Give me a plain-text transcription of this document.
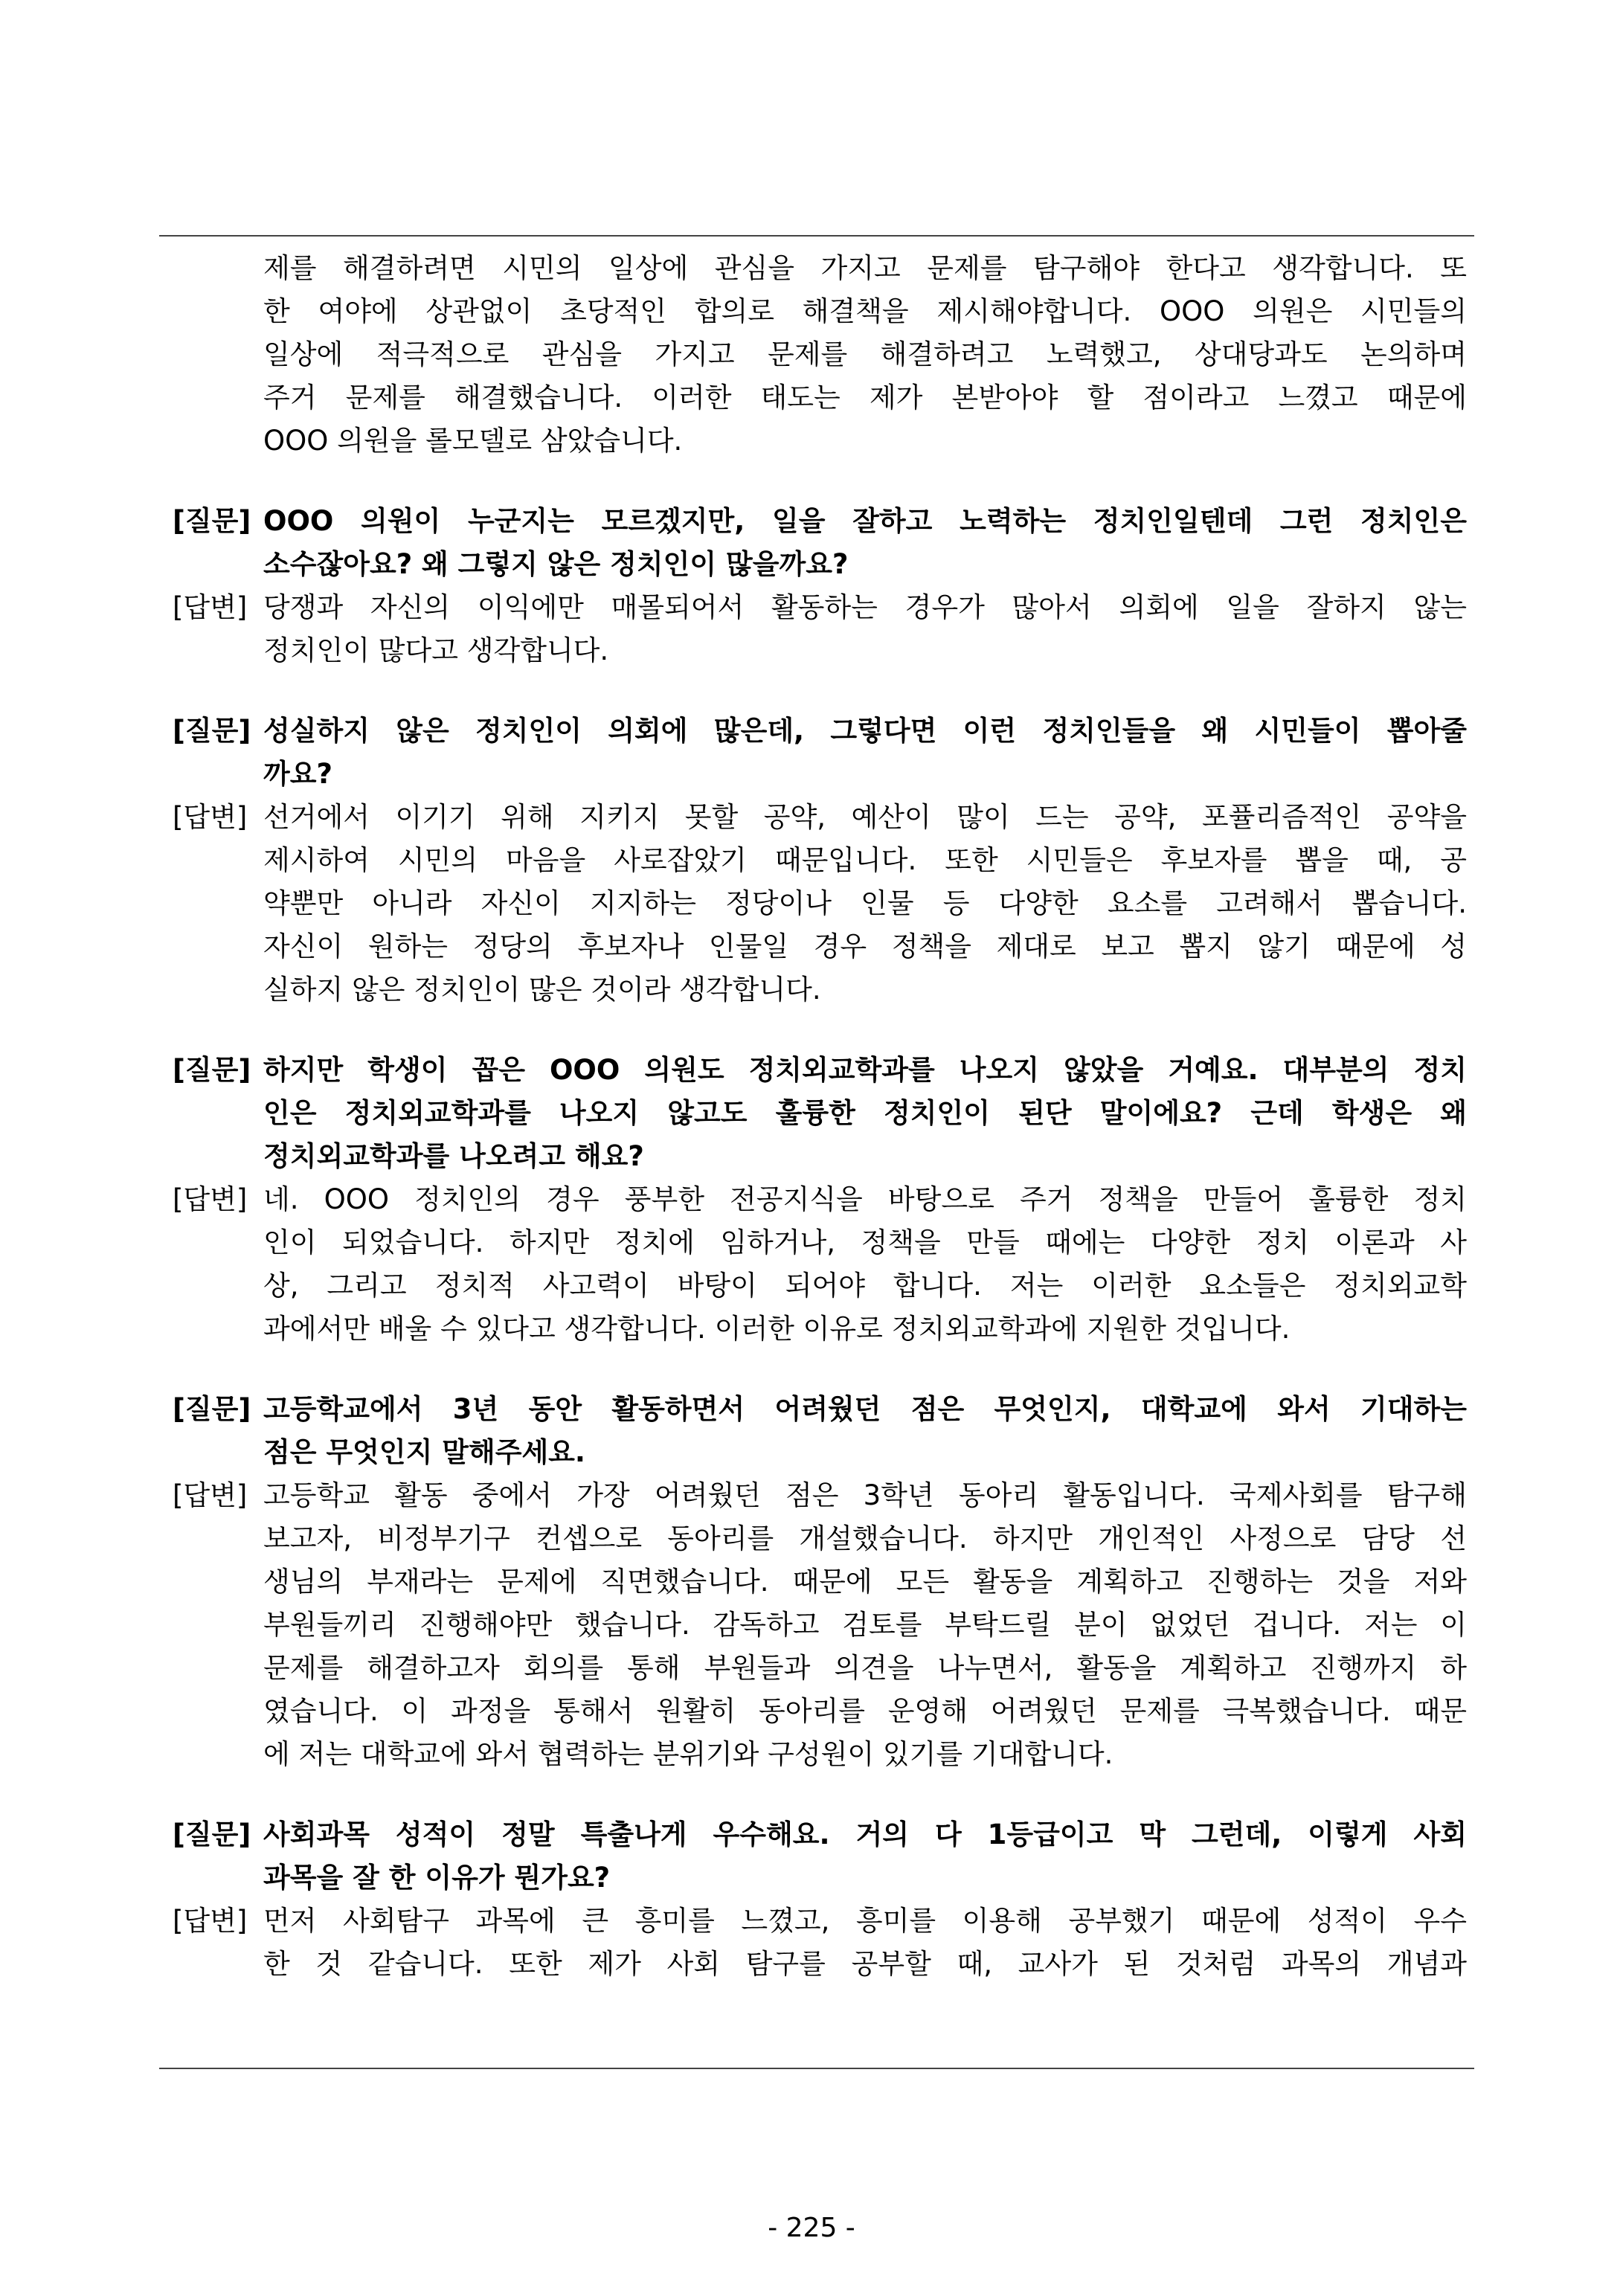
제를 해결하려면 시민의 일상에 관심을 가지고 문제를 탐구해야 한다고 생각합니다. 또
한 여야에 상관없이 초당적인 합의로 해결책을 제시해야합니다. OOO 의원은 시민들의
일상에 적극적으로 관심을 가지고 문제를 해결하려고 노력했고, 상대당과도 논의하며
주거 문제를 해결했습니다. 이러한 태도는 제가 본받아야 할 점이라고 느꼈고 때문에
OOO 의원을 롤모델로 삼았습니다.
[질문] OOO 의원이 누군지는 모르겠지만, 일을 잘하고 노력하는 정치인일텐데 그런 정치인은
소수잖아요? 왜 그렇지 않은 정치인이 많을까요?
[답변] 당쟁과 자신의 이익에만 매몰되어서 활동하는 경우가 많아서 의회에 일을 잘하지 않는
정치인이 많다고 생각합니다.
[질문] 성실하지 않은 정치인이 의회에 많은데, 그렇다면 이런 정치인들을 왜 시민들이 뽑아줄
까요?
[답변] 선거에서 이기기 위해 지키지 못할 공약, 예산이 많이 드는 공약, 포퓰리즘적인 공약을
제시하여 시민의 마음을 사로잡았기 때문입니다. 또한 시민들은 후보자를 뽑을 때, 공
약뿐만 아니라 자신이 지지하는 정당이나 인물 등 다양한 요소를 고려해서 뽑습니다.
자신이 원하는 정당의 후보자나 인물일 경우 정책을 제대로 보고 뽑지 않기 때문에 성
실하지 않은 정치인이 많은 것이라 생각합니다.
[질문] 하지만 학생이 꼽은 OOO 의원도 정치외교학과를 나오지 않았을 거예요. 대부분의 정치
인은 정치외교학과를 나오지 않고도 훌륭한 정치인이 된단 말이에요? 근데 학생은 왜
정치외교학과를 나오려고 해요?
[답변] 네. OOO 정치인의 경우 풍부한 전공지식을 바탕으로 주거 정책을 만들어 훌륭한 정치
인이 되었습니다. 하지만 정치에 임하거나, 정책을 만들 때에는 다양한 정치 이론과 사
상, 그리고 정치적 사고력이 바탕이 되어야 합니다. 저는 이러한 요소들은 정치외교학
과에서만 배울 수 있다고 생각합니다. 이러한 이유로 정치외교학과에 지원한 것입니다.
[질문] 고등학교에서 3년 동안 활동하면서 어려웠던 점은 무엇인지, 대학교에 와서 기대하는
점은 무엇인지 말해주세요.
[답변] 고등학교 활동 중에서 가장 어려웠던 점은 3학년 동아리 활동입니다. 국제사회를 탐구해
보고자, 비정부기구 컨셉으로 동아리를 개설했습니다. 하지만 개인적인 사정으로 담당 선
생님의 부재라는 문제에 직면했습니다. 때문에 모든 활동을 계획하고 진행하는 것을 저와
부원들끼리 진행해야만 했습니다. 감독하고 검토를 부탁드릴 분이 없었던 겁니다. 저는 이
문제를 해결하고자 회의를 통해 부원들과 의견을 나누면서, 활동을 계획하고 진행까지 하
였습니다. 이 과정을 통해서 원활히 동아리를 운영해 어려웠던 문제를 극복했습니다. 때문
에 저는 대학교에 와서 협력하는 분위기와 구성원이 있기를 기대합니다.
[질문] 사회과목 성적이 정말 특출나게 우수해요. 거의 다 1등급이고 막 그런데, 이렇게 사회
과목을 잘 한 이유가 뭔가요?
[답변] 먼저 사회탐구 과목에 큰 흥미를 느꼈고, 흥미를 이용해 공부했기 때문에 성적이 우수
한 것 같습니다. 또한 제가 사회 탐구를 공부할 때, 교사가 된 것처럼 과목의 개념과
- 225 -
